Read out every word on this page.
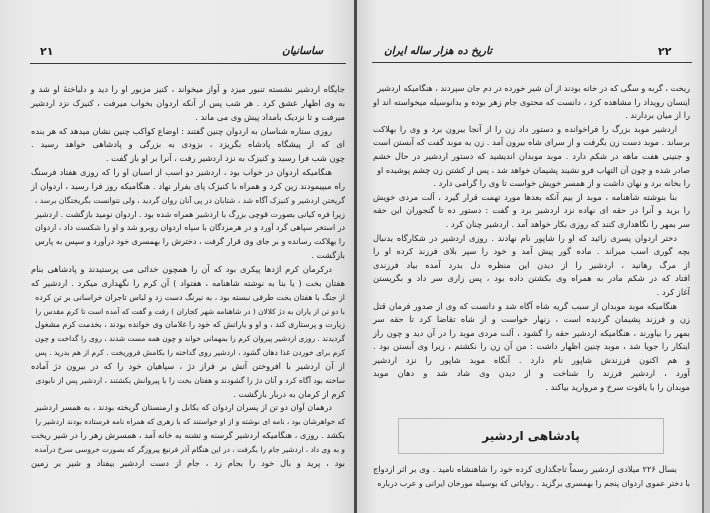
۲۱	ساسانیان	تاریخ ده هزار ساله ایران	۲۲
جایگاه اردشیر نشسته تنبور میزد و آواز میخواند ، کنیز مزبور او را دید و دلباختهٔ او شد و
به وی اظهار عشق کرد . هر شب پس از آنکه اردوان بخواب میرفت ، کنیزک نزد اردشیر
میرفت و تا نزدیک بامداد پیش وی می ماند .
روزی ستاره شناسان به اردوان چنین گفتند : اوضاع کواکب چنین نشان میدهد که هر بنده
ای که از پیشگاه پادشاه بگریزد ، بزودی به بزرگی و پادشاهی خواهد رسید .
چون شب فرا رسید و کنیزک به نزد اردشیر رفت ، آنرا بر او باز گفت .
هنگامیکه اردوان در خواب بود ، اردشیر دو اسب از اسبان او را که روزی هفتاد فرسنگ
راه میپیمودند زین کرد و همراه با کنیزک پای بفرار نهاد . هنگامیکه روز فرا رسید ، اردوان از
گریختن اردشیر و کنیزک آگاه شد ، شتابان در پی آنان روان گردید ، ولی نتوانست بگریختگان برسد ،
زیرا فره کیانی بصورت قوچی بزرگ با اردشیر همراه شده بود . اردوان نومید بازگشت . اردشیر
در استخر سپاهی گرد آورد و در هرمزدگان با سپاه اردوان روبرو شد و او را شکست داد ، اردوان
را بهلاکت رسانده و بر جای وی قرار گرفت ، دخترش را بهمسری خود درآورد و سپس به پارس
بازگشت .
درکرمان کرم اژدها پیکری بود که آن را همچون خدائی می پرستیدند و پادشاهی بنام
هفتان بخت ( یا بنا به نوشته شاهنامه ، هفتواد ) آن کرم را نگهداری میکرد . اردشیر که
از جنگ با هفتان بخت طرفی نبسته بود ، به نیرنگ دست زد و لباس تاجران خراسانی بر تن کرده
با دو تن از یاران به دژ کلالان ( در شاهنامه شهر کجاران ) رفت و گفت که آمده است تا کرم مقدس را
زیارت و پرستاری کند ، و او و یارانش که خود را غلامان وی خوانده بودند ، بخدمت کرم مشغول
گردیدند . روزی اردشیر پیروان کرم را بمهمانی خواند و چون همه مست شدند ، روی را گداخت و چون
کرم برای خوردن غذا دهان گشود ، اردشیر روی گداخته را بکامش فروریخت . کرم از هم بدرید . پس
از آن اردشیر با افروختن آتش بر فراز دژ ، سپاهیان خود را که در بیرون دژ آماده
ساخته بود آگاه کرد و آنان دژ را گشودند و هفتان بخت را با پیروانش بکشتند ، اردشیر پس از نابودی
کرم از کرمان به دربار بازگشت .
درهمان آوان دو تن از پسران اردوان که بکابل و ارمنستان گریخته بودند ، به همسر اردشیر
که خواهرشان بود ، نامه ای نوشته و از او خواستند که با زهری که همراه نامه فرستاده بودند اردشیر را
بکشد . روزی ، هنگامیکه اردشیر گرسنه و تشنه به خانه آمد ، همسرش زهر را در شیر ریخت
و به وی داد ، اردشیر جام را بگرفت ، در این هنگام آذر فرنبغ پیروزگر که بصورت خروسی سرخ درآمده
بود ، پرید و بال خود را بجام زد ، جام از دست اردشیر بیفتاد و شیر بر زمین
ریخت ، گربه و سگی که در خانه بودند از آن شیر خورده در دم جان سپردند ، هنگامیکه اردشیر
اینسان رویداد را مشاهده کرد ، دانست که محتوی جام زهر بوده و بدانوسیله میخواسته اند او
را از میان بردارند .
اردشیر موبد بزرگ را فراخوانده و دستور داد زن را از آنجا بیرون برد و وی را بهلاکت
برساند . موبد دست زن بگرفت و از سرای شاه بیرون آمد . زن به موبد گفت که آبستن است
و جنینی هفت ماهه در شکم دارد . موبد موبدان اندیشید که دستور اردشیر در حال خشم
صادر شده و چون آن التهاب فرو نشیند پشیمان خواهد شد ، پس از کشتن زن چشم پوشیده او
را بخانه برد و نهان داشت و از همسر خویش خواست تا وی را گرامی دارد .
بنا بنوشته شاهنامه ، موبد از بیم آنکه بعدها مورد تهمت قرار گیرد ، آلت مردی خویش
را برید و آنرا در حقه ای نهاده نزد اردشیر برد و گفت : دستور ده تا گنجوران این حقه
سر بمهر را نگاهداری کنند که روزی بکار خواهد آمد . اردشیر چنان کرد .
دختر اردوان پسری زائید که او را شاپور نام نهادند . روزی اردشیر در شکارگاه بدنبال
بچه گوری اسب میراند . ماده گور پیش آمد و خود را سپر بلای فرزند کرده او را
از مرگ رهانید ، اردشیر را از دیدن این منظره دل بدرد آمده بیاد فرزندی
افتاد که در شکم مادر به همراه وی بکشتن داده بود ، پس زاری سر داد و بگریستن
آغاز کرد .
هنگامیکه موبد موبدان از سبب گریه شاه آگاه شد و دانست که وی از صدور فرمان قتل
زن و فرزند پشیمان گردیده است ، زنهار خواست و از شاه تقاضا کرد تا حقه سر
بمهر را بیاورند ، هنگامیکه اردشیر حقه را گشود ، آلت مردی موبد را در آن دید و چون راز
اینکار را جویا شد ، موبد چنین اظهار داشت : من آن زن را نکشتم ، زیرا وی آبستن بود .
و هم اکنون فرزندش شاپور نام دارد . آنگاه موبد شاپور را نزد اردشیر
آورد ، اردشیر فرزند را شناخت و از دیدن وی شاد شد و دهان موبد
موبدان را با یاقوت سرخ و مروارید بیاکند .
پادشاهی اردشیر
بسال ۲۲۶ میلادی اردشیر رسماً تاجگذاری کرده خود را شاهنشاه نامید . وی بر اثر ازدواج
با دختر عموی اردوان پنجم را بهمسری برگزید . روایاتی که بوسیله مورخان ایرانی و عرب درباره
